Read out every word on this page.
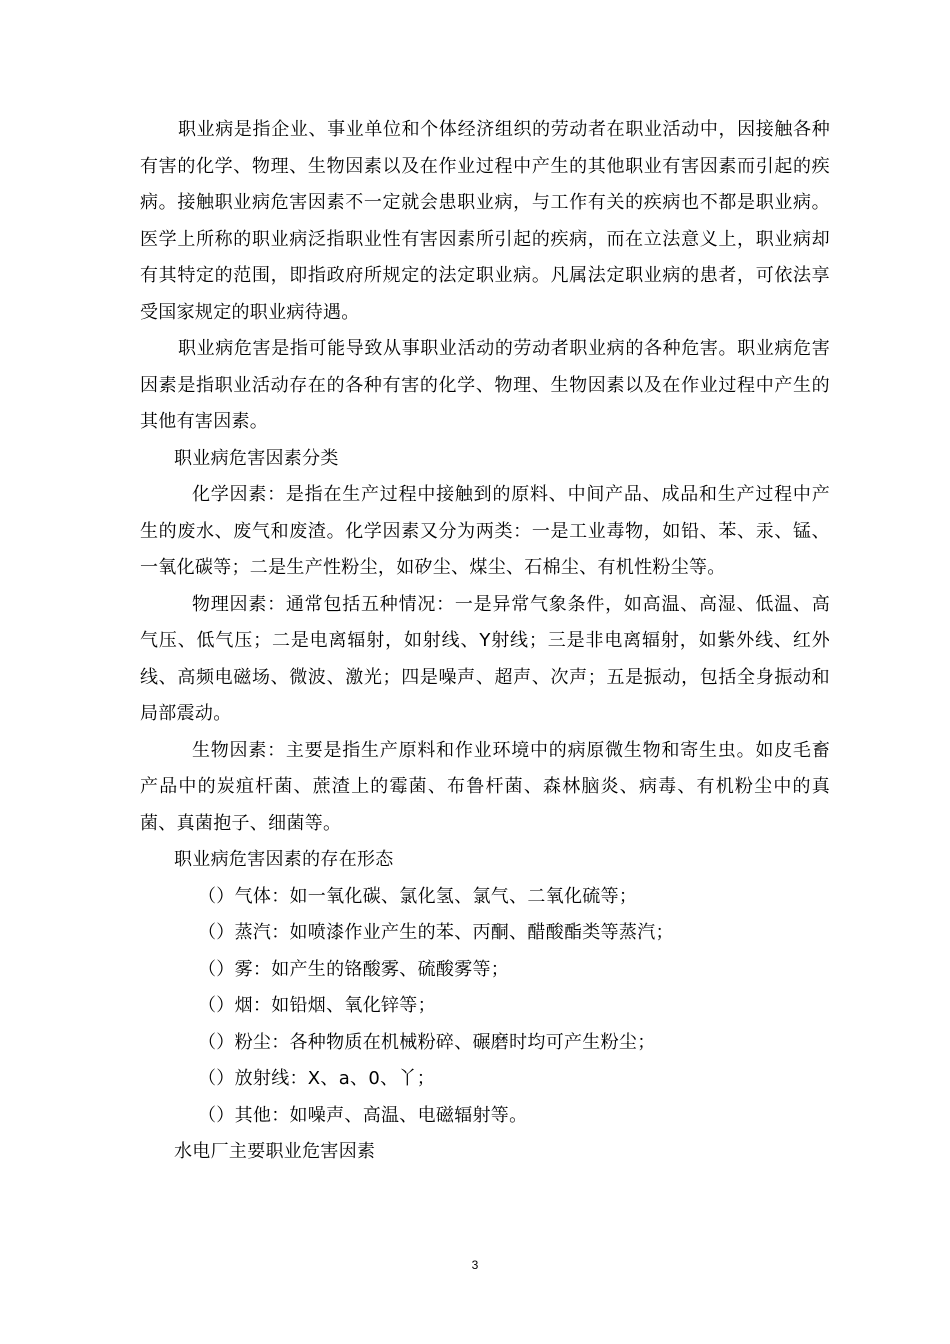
职业病是指企业、事业单位和个体经济组织的劳动者在职业活动中，因接触各种有害的化学、物理、生物因素以及在作业过程中产生的其他职业有害因素而引起的疾病。接触职业病危害因素不一定就会患职业病，与工作有关的疾病也不都是职业病。医学上所称的职业病泛指职业性有害因素所引起的疾病，而在立法意义上，职业病却有其特定的范围，即指政府所规定的法定职业病。凡属法定职业病的患者，可依法享受国家规定的职业病待遇。

职业病危害是指可能导致从事职业活动的劳动者职业病的各种危害。职业病危害因素是指职业活动存在的各种有害的化学、物理、生物因素以及在作业过程中产生的其他有害因素。

职业病危害因素分类

化学因素：是指在生产过程中接触到的原料、中间产品、成品和生产过程中产生的废水、废气和废渣。化学因素又分为两类：一是工业毒物，如铅、苯、汞、锰、一氧化碳等；二是生产性粉尘，如矽尘、煤尘、石棉尘、有机性粉尘等。

物理因素：通常包括五种情况：一是异常气象条件，如高温、高湿、低温、高气压、低气压；二是电离辐射，如射线、Y射线；三是非电离辐射，如紫外线、红外线、高频电磁场、微波、激光；四是噪声、超声、次声；五是振动，包括全身振动和局部震动。

生物因素：主要是指生产原料和作业环境中的病原微生物和寄生虫。如皮毛畜产品中的炭疽杆菌、蔗渣上的霉菌、布鲁杆菌、森林脑炎、病毒、有机粉尘中的真菌、真菌抱子、细菌等。

职业病危害因素的存在形态

（）气体：如一氧化碳、氯化氢、氯气、二氧化硫等；

（）蒸汽：如喷漆作业产生的苯、丙酮、醋酸酯类等蒸汽；

（）雾：如产生的铬酸雾、硫酸雾等；

（）烟：如铅烟、氧化锌等；

（）粉尘：各种物质在机械粉碎、碾磨时均可产生粉尘；

（）放射线：X、a、0、丫；

（）其他：如噪声、高温、电磁辐射等。

水电厂主要职业危害因素

3
